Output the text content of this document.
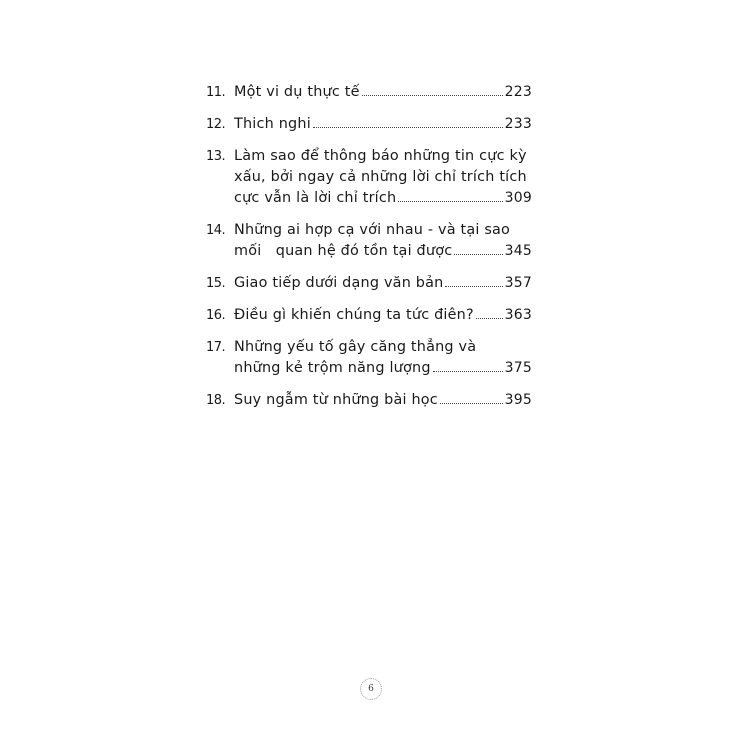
11. Một vi dụ thực tế	223
12. Thich nghi	233
13. Làm sao để thông báo những tin cực kỳ
xấu, bởi ngay cả những lời chỉ trích tích
cực vẫn là lời chỉ trích	309
14. Những ai hợp cạ với nhau - và tại sao
mối   quan hệ đó tồn tại được	345
15. Giao tiếp dưới dạng văn bản	357
16. Điều gì khiến chúng ta tức điên? 363
17. Những yếu tố gây căng thẳng và
những kẻ trộm năng lượng	375
18. Suy ngẫm từ những bài học	395
6
